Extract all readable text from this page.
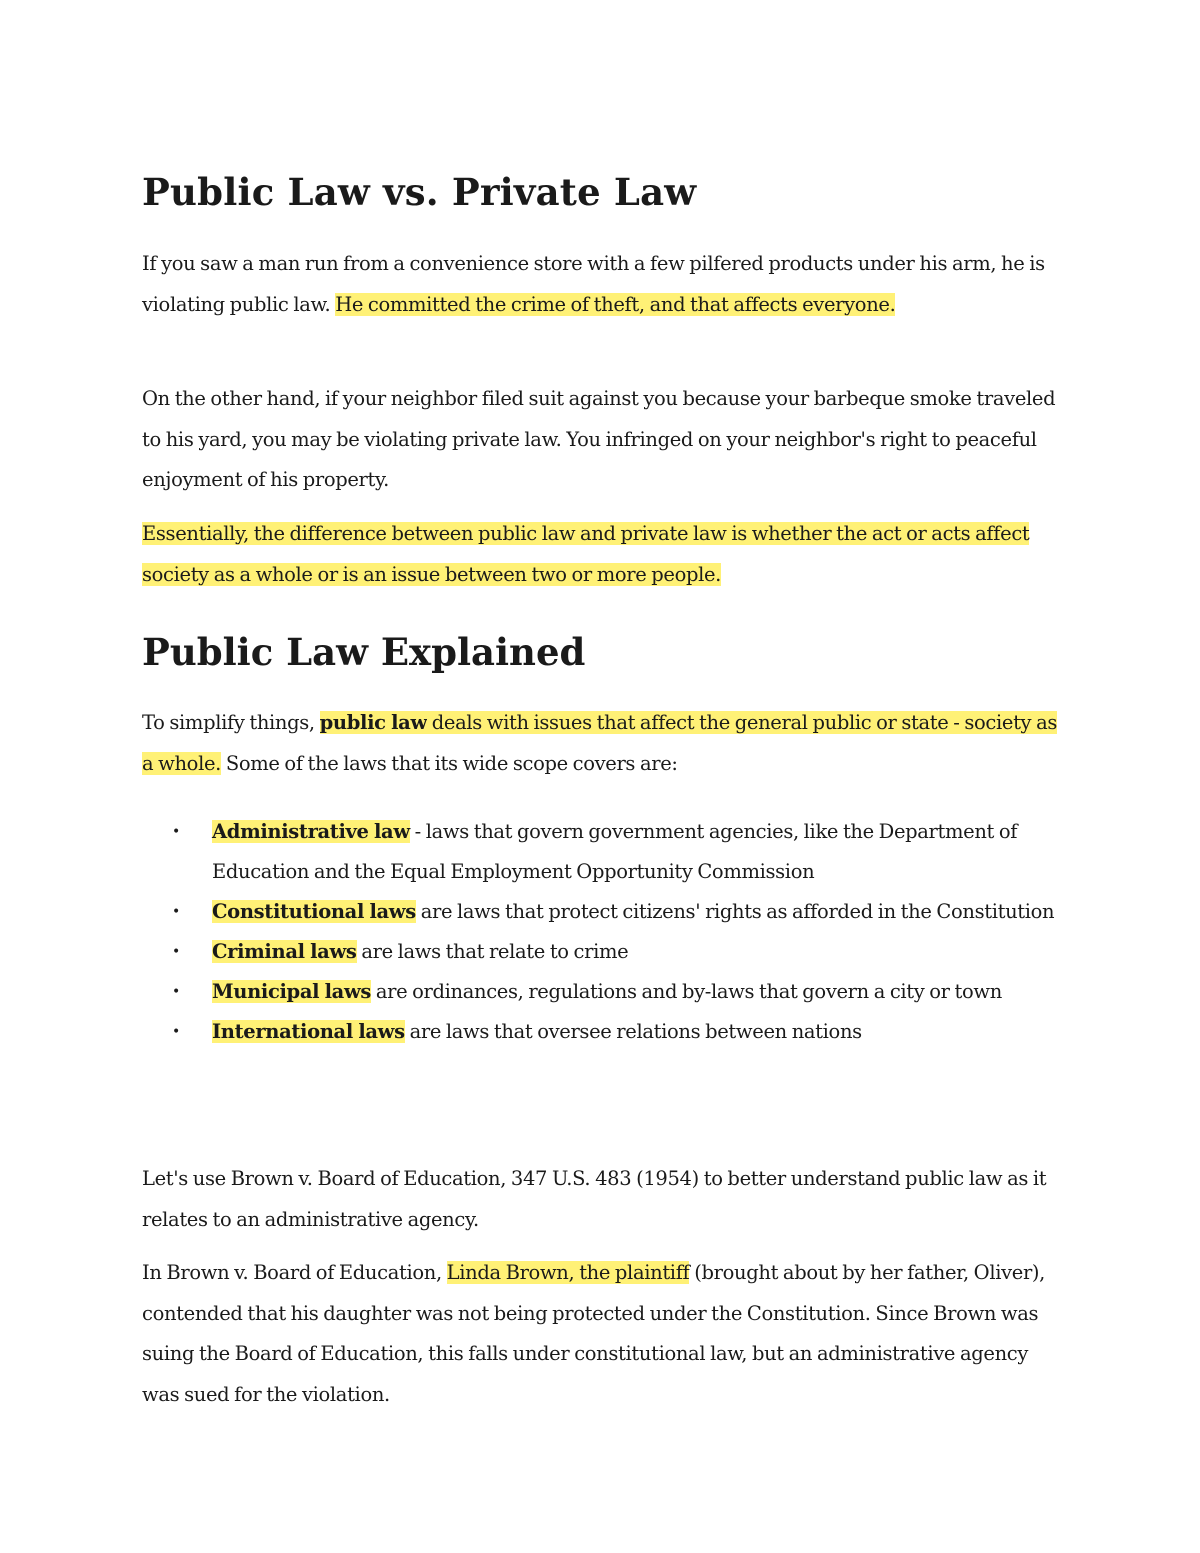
Public Law vs. Private Law

If you saw a man run from a convenience store with a few pilfered products under his arm, he is violating public law. He committed the crime of theft, and that affects everyone.

On the other hand, if your neighbor filed suit against you because your barbeque smoke traveled to his yard, you may be violating private law. You infringed on your neighbor's right to peaceful enjoyment of his property.

Essentially, the difference between public law and private law is whether the act or acts affect society as a whole or is an issue between two or more people.

Public Law Explained

To simplify things, public law deals with issues that affect the general public or state - society as a whole. Some of the laws that its wide scope covers are:

• Administrative law - laws that govern government agencies, like the Department of Education and the Equal Employment Opportunity Commission
• Constitutional laws are laws that protect citizens' rights as afforded in the Constitution
• Criminal laws are laws that relate to crime
• Municipal laws are ordinances, regulations and by-laws that govern a city or town
• International laws are laws that oversee relations between nations

Let's use Brown v. Board of Education, 347 U.S. 483 (1954) to better understand public law as it relates to an administrative agency.

In Brown v. Board of Education, Linda Brown, the plaintiff (brought about by her father, Oliver), contended that his daughter was not being protected under the Constitution. Since Brown was suing the Board of Education, this falls under constitutional law, but an administrative agency was sued for the violation.
